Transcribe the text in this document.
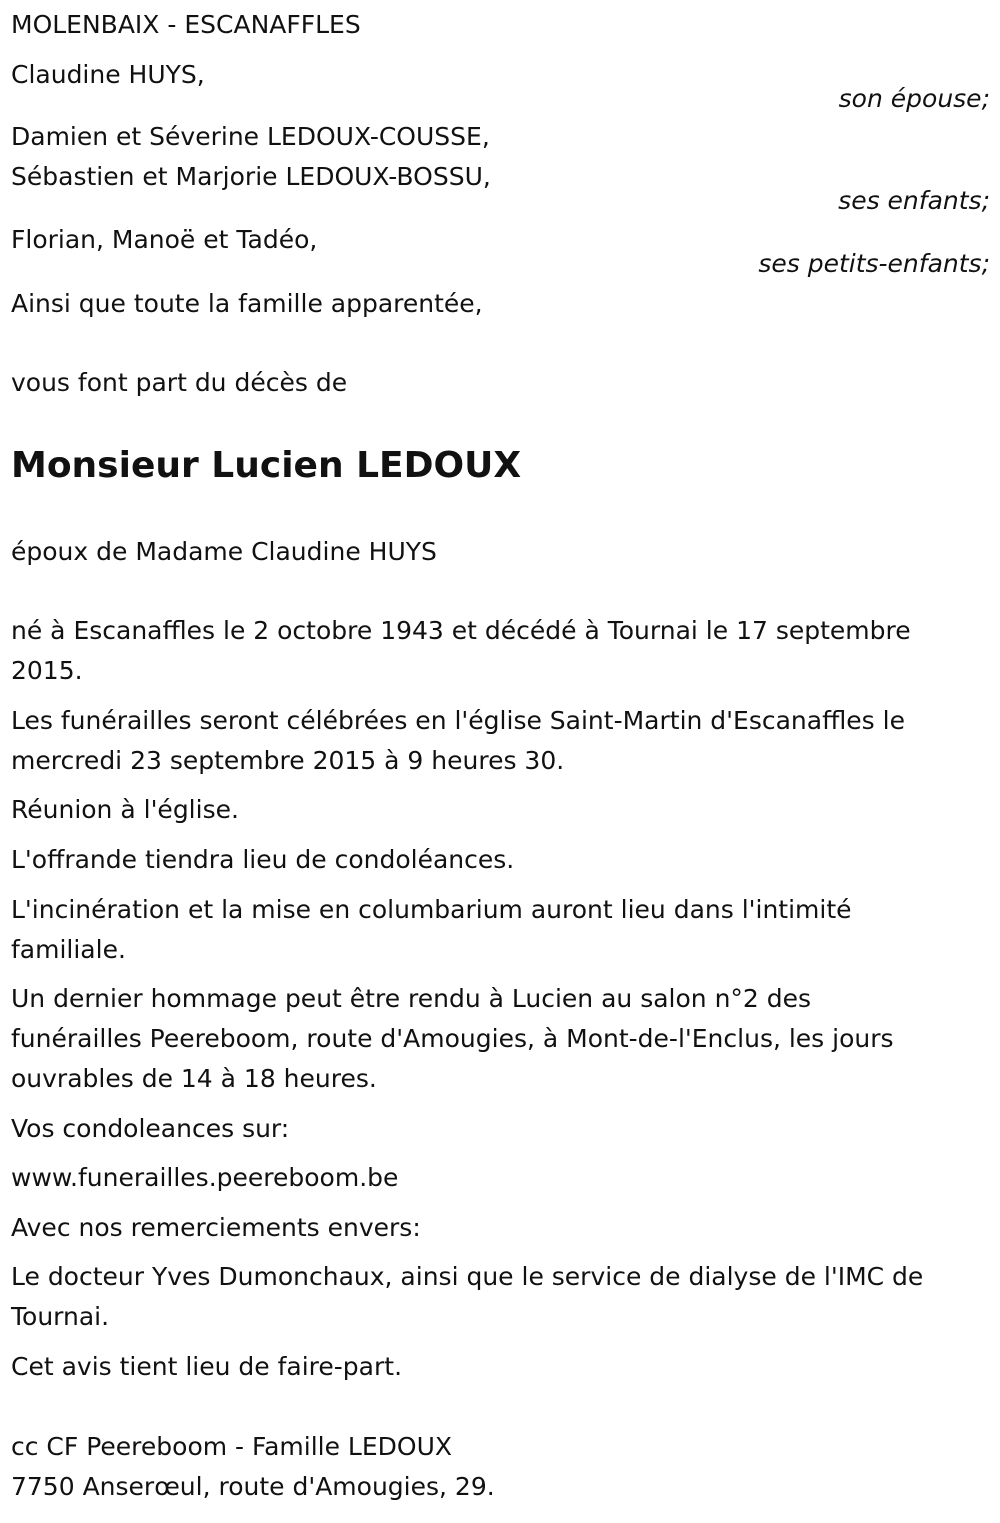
MOLENBAIX - ESCANAFFLES
Claudine HUYS,
son épouse;
Damien et Séverine LEDOUX-COUSSE,
Sébastien et Marjorie LEDOUX-BOSSU,
ses enfants;
Florian, Manoë et Tadéo,
ses petits-enfants;
Ainsi que toute la famille apparentée,
vous font part du décès de
Monsieur Lucien LEDOUX
époux de Madame Claudine HUYS
né à Escanaffles le 2 octobre 1943 et décédé à Tournai le 17 septembre
2015.
Les funérailles seront célébrées en l'église Saint-Martin d'Escanaffles le
mercredi 23 septembre 2015 à 9 heures 30.
Réunion à l'église.
L'offrande tiendra lieu de condoléances.
L'incinération et la mise en columbarium auront lieu dans l'intimité
familiale.
Un dernier hommage peut être rendu à Lucien au salon n°2 des
funérailles Peereboom, route d'Amougies, à Mont-de-l'Enclus, les jours
ouvrables de 14 à 18 heures.
Vos condoleances sur:
www.funerailles.peereboom.be
Avec nos remerciements envers:
Le docteur Yves Dumonchaux, ainsi que le service de dialyse de l'IMC de
Tournai.
Cet avis tient lieu de faire-part.
cc CF Peereboom - Famille LEDOUX
7750 Anserœul, route d'Amougies, 29.
